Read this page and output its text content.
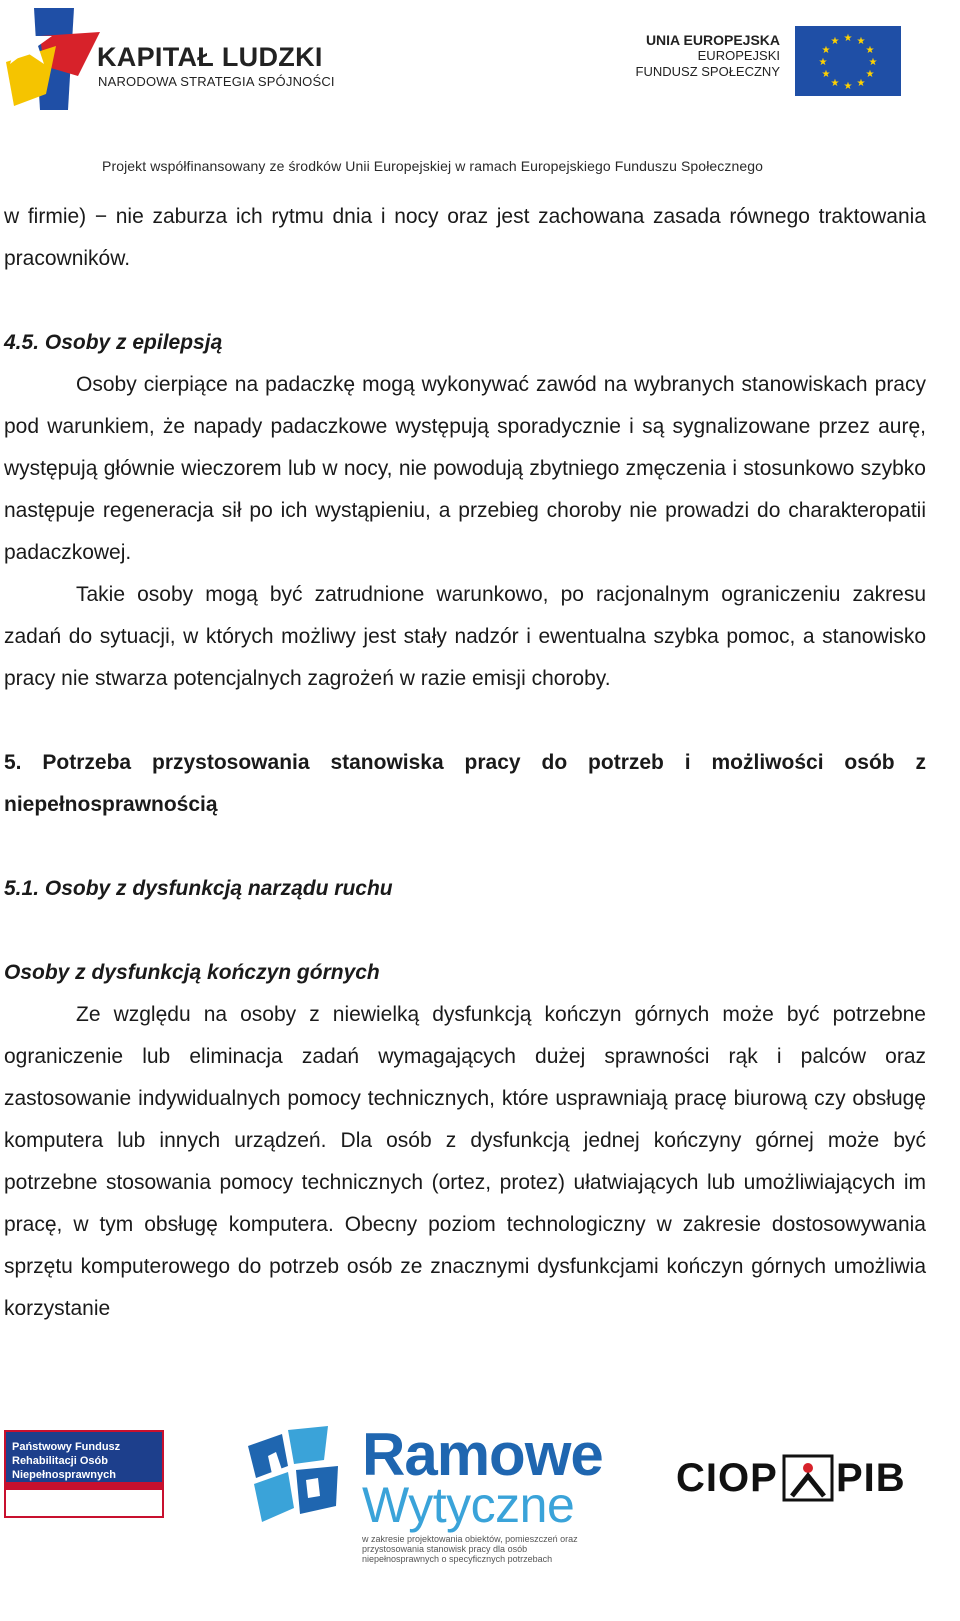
KAPITAŁ LUDZKI
NARODOWA STRATEGIA SPÓJNOŚCI
UNIA EUROPEJSKA
EUROPEJSKI
FUNDUSZ SPOŁECZNY
★ ★
★
★
★
★
★
★
★
★
★
★
Projekt współfinansowany ze środków Unii Europejskiej w ramach Europejskiego Funduszu Społecznego

w firmie) − nie zaburza ich rytmu dnia i nocy oraz jest zachowana zasada równego traktowania pracowników.

4.5. Osoby z epilepsją

Osoby cierpiące na padaczkę mogą wykonywać zawód na wybranych stanowiskach pracy pod warunkiem, że napady padaczkowe występują sporadycznie i są sygnalizowane przez aurę, występują głównie wieczorem lub w nocy, nie powodują zbytniego zmęczenia i stosunkowo szybko następuje regeneracja sił po ich wystąpieniu, a przebieg choroby nie prowadzi do charakteropatii padaczkowej.

Takie osoby mogą być zatrudnione warunkowo, po racjonalnym ograniczeniu zakresu zadań do sytuacji, w których możliwy jest stały nadzór i ewentualna szybka pomoc, a stanowisko pracy nie stwarza potencjalnych zagrożeń w razie emisji choroby.

5. Potrzeba przystosowania stanowiska pracy do potrzeb i możliwości osób z niepełnosprawnością
5.1. Osoby z dysfunkcją narządu ruchu
Osoby z dysfunkcją kończyn górnych

Ze względu na osoby z niewielką dysfunkcją kończyn górnych może być potrzebne ograniczenie lub eliminacja zadań wymagających dużej sprawności rąk i palców oraz zastosowanie indywidualnych pomocy technicznych, które usprawniają pracę biurową czy obsługę komputera lub innych urządzeń. Dla osób z dysfunkcją jednej kończyny górnej może być potrzebne stosowania pomocy technicznych (ortez, protez) ułatwiających lub umożliwiających im pracę, w tym obsługę komputera. Obecny poziom technologiczny w zakresie dostosowywania sprzętu komputerowego do potrzeb osób ze znacznymi dysfunkcjami kończyn górnych umożliwia korzystanie

Państwowy Fundusz Rehabilitacji Osób Niepełnosprawnych	Ramowe
Wytyczne
w zakresie projektowania obiektów, pomieszczeń oraz przystosowania stanowisk pracy dla osób niepełnosprawnych o specyficznych potrzebach
CIOP PIB
